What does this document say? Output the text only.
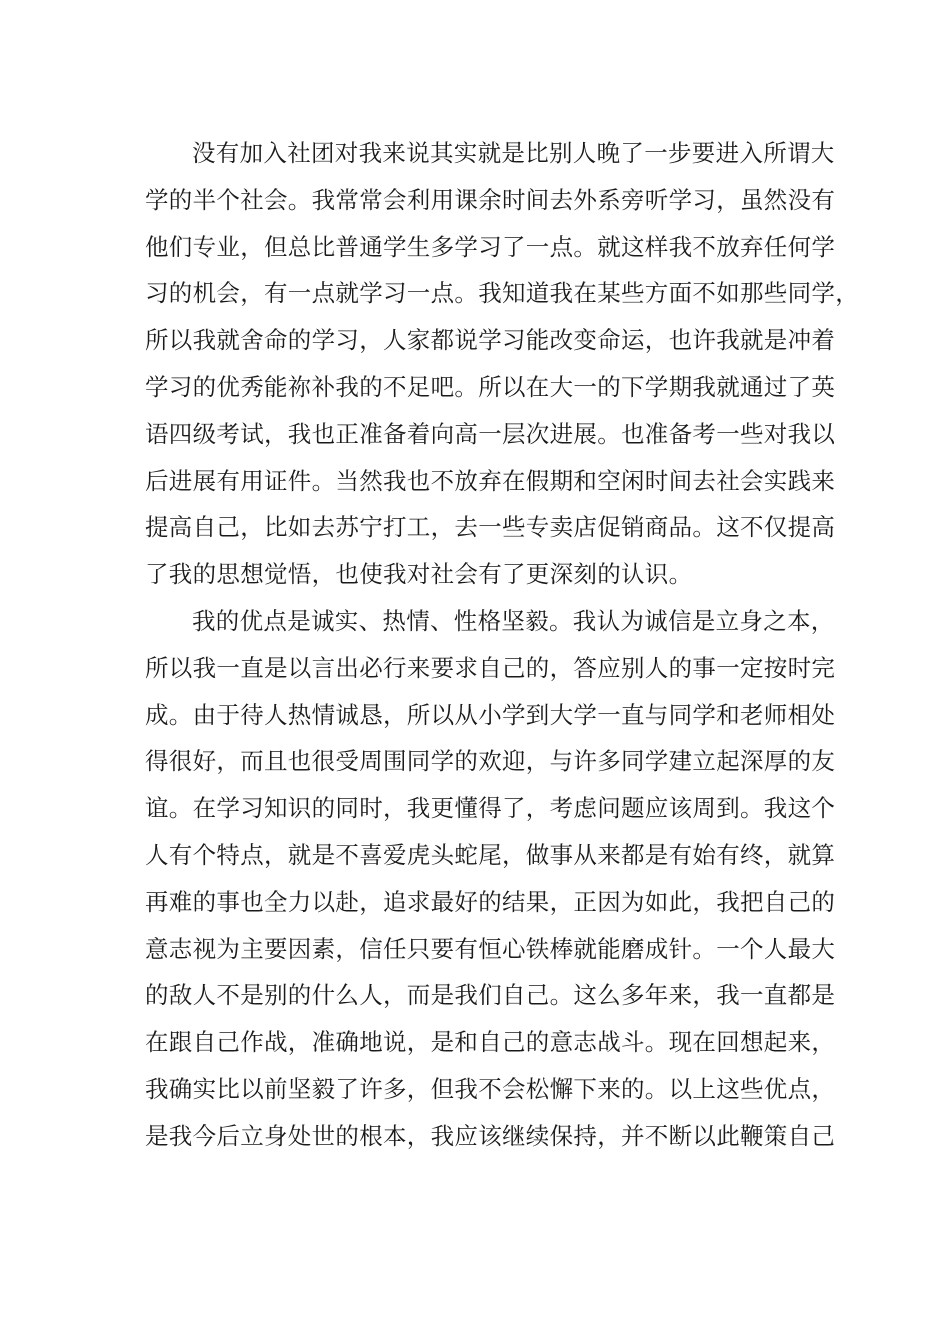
没有加入社团对我来说其实就是比别人晚了一步要进入所谓大
学的半个社会。我常常会利用课余时间去外系旁听学习，虽然没有
他们专业，但总比普通学生多学习了一点。就这样我不放弃任何学
习的机会，有一点就学习一点。我知道我在某些方面不如那些同学，
所以我就舍命的学习，人家都说学习能改变命运，也许我就是冲着
学习的优秀能祢补我的不足吧。所以在大一的下学期我就通过了英
语四级考试，我也正准备着向高一层次进展。也准备考一些对我以
后进展有用证件。当然我也不放弃在假期和空闲时间去社会实践来
提高自己，比如去苏宁打工，去一些专卖店促销商品。这不仅提高
了我的思想觉悟，也使我对社会有了更深刻的认识。
我的优点是诚实、热情、性格坚毅。我认为诚信是立身之本，
所以我一直是以言出必行来要求自己的，答应别人的事一定按时完
成。由于待人热情诚恳，所以从小学到大学一直与同学和老师相处
得很好，而且也很受周围同学的欢迎，与许多同学建立起深厚的友
谊。在学习知识的同时，我更懂得了，考虑问题应该周到。我这个
人有个特点，就是不喜爱虎头蛇尾，做事从来都是有始有终，就算
再难的事也全力以赴，追求最好的结果，正因为如此，我把自己的
意志视为主要因素，信任只要有恒心铁棒就能磨成针。一个人最大
的敌人不是别的什么人，而是我们自己。这么多年来，我一直都是
在跟自己作战，准确地说，是和自己的意志战斗。现在回想起来，
我确实比以前坚毅了许多，但我不会松懈下来的。以上这些优点，
是我今后立身处世的根本，我应该继续保持，并不断以此鞭策自己
